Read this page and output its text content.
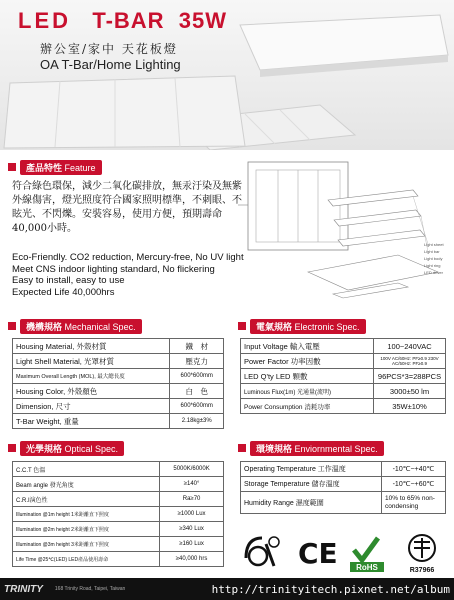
LED T-BAR 35W
辦公室/家中 天花板燈
OA T-Bar/Home Lighting
產品特性 Feature
符合綠色環保，減少二氧化碳排放，無汞汙染及無紫外線傷害，燈光照度符合國家照明標準，不刺眼、不眩光、不閃爍。安裝容易，使用方便，預期壽命40,000小時。
Eco-Friendly. CO2 reduction, Mercury-free, No UV light
Meet CNS indoor lighting standard, No flickering
Easy to install, easy to use
Expected Life 40,000hrs
Light sheet
Light bar
Light body
Light ring
LED driver
機構規格 Mechanical Spec.
Housing Material, 外殼材質	鐵　材
Light Shell Material, 光罩材質	壓克力
Maximum Overall Length (MOL), 最大總長度	600*600mm
Housing Color, 外殼顏色	白　色
Dimension, 尺寸	600*600mm
T-Bar Weight, 重量	2.18kg±3%
電氣規格 Electronic Spec.
Input Voltage 輸入電壓	100~240VAC
Power Factor 功率因數	100V AC/60Hz: PF≥0.9 230V AC/50Hz: PF≥0.9
LED Q'ty LED 顆數	96PCS*3=288PCS
Luminous Flux(1m) 光通量(流明)	3000±50 lm
Power Consumption 消耗功率	35W±10%
光學規格 Optical Spec.
C.C.T 色溫	5000K/6000K
Beam angle 發光角度	≥140°
C.R.I演色性	Ra≥70
Illumination @1m height 1米距離直下照度	≥1000 Lux
Illumination @2m height 2米距離直下照度	≥340 Lux
Illumination @3m height 3米距離直下照度	≥160 Lux
Life Time @25℃(LED) LED產品使用壽命	≥40,000 hrs
環境規格 Enviornmental Spec.
Operating Temperature 工作溫度	-10℃~+40℃
Storage Temperature 儲存溫度	-10℃~+60℃
Humidity Range 濕度範圍	10% to 65% non-condensing
CE RoHS	R37966
TRINITY 168 Trinity Road, Taipei, Taiwan	http://trinityitech.pixnet.net/album
